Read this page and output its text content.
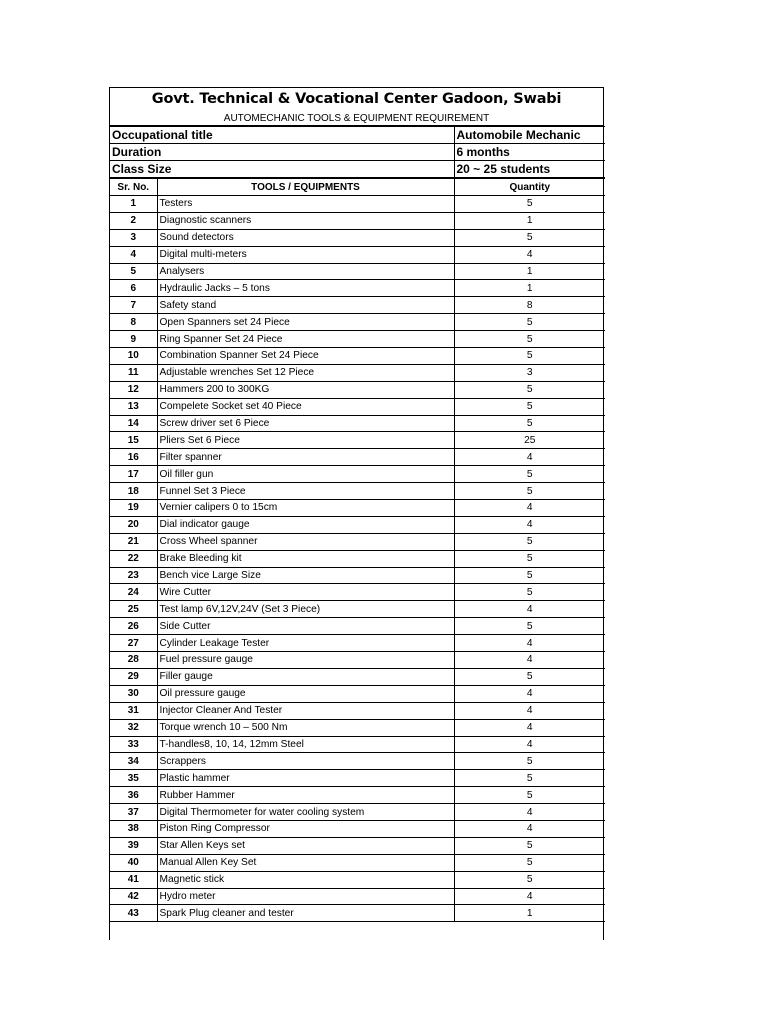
Govt. Technical & Vocational Center Gadoon, Swabi
AUTOMECHANIC TOOLS & EQUIPMENT REQUIREMENT
Occupational title	Automobile Mechanic
Duration	6 months
Class Size	20 ~ 25 students
Sr. No.	TOOLS / EQUIPMENTS	Quantity
1	Testers	5
2	Diagnostic scanners	1
3	Sound detectors	5
4	Digital multi-meters	4
5	Analysers	1
6	Hydraulic Jacks – 5 tons	1
7	Safety stand	8
8	Open Spanners set 24 Piece	5
9	Ring Spanner Set 24 Piece	5
10	Combination Spanner Set 24 Piece	5
11	Adjustable wrenches Set 12 Piece	3
12	Hammers 200 to 300KG	5
13	Compelete Socket set 40 Piece	5
14	Screw driver set 6 Piece	5
15	Pliers Set 6 Piece	25
16	Filter spanner	4
17	Oil filler gun	5
18	Funnel Set 3 Piece	5
19	Vernier calipers 0 to 15cm	4
20	Dial indicator gauge	4
21	Cross Wheel spanner	5
22	Brake Bleeding kit	5
23	Bench vice Large Size	5
24	Wire Cutter	5
25	Test lamp 6V,12V,24V (Set 3 Piece)	4
26	Side Cutter	5
27	Cylinder Leakage Tester	4
28	Fuel pressure gauge	4
29	Filler gauge	5
30	Oil pressure gauge	4
31	Injector Cleaner And Tester	4
32	Torque wrench 10 – 500 Nm	4
33	T-handles8, 10, 14, 12mm Steel	4
34	Scrappers	5
35	Plastic hammer	5
36	Rubber Hammer	5
37	Digital Thermometer for water cooling system	4
38	Piston Ring Compressor	4
39	Star Allen Keys set	5
40	Manual Allen Key Set	5
41	Magnetic stick	5
42	Hydro meter	4
43	Spark Plug cleaner and tester	1
